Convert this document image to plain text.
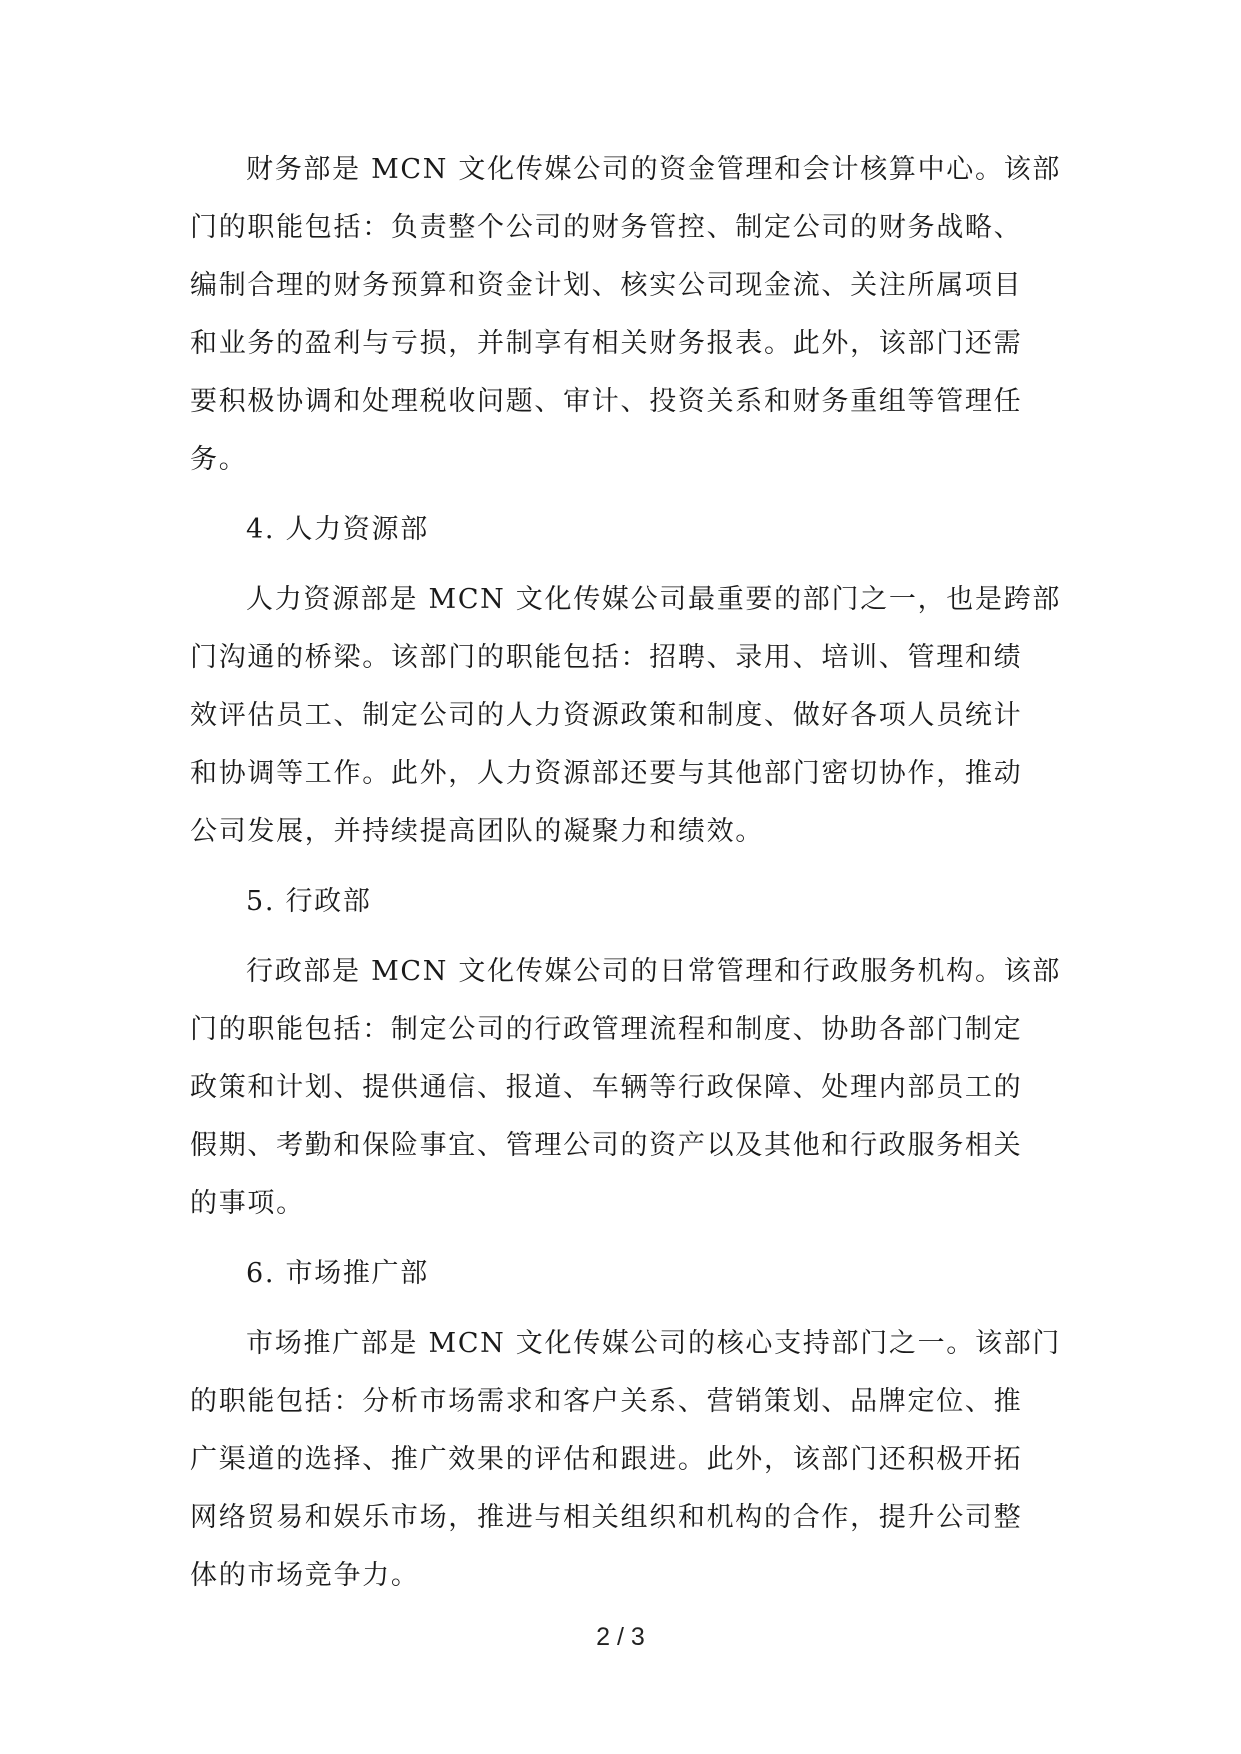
财务部是 MCN 文化传媒公司的资金管理和会计核算中心。该部
门的职能包括：负责整个公司的财务管控、制定公司的财务战略、
编制合理的财务预算和资金计划、核实公司现金流、关注所属项目
和业务的盈利与亏损，并制享有相关财务报表。此外，该部门还需
要积极协调和处理税收问题、审计、投资关系和财务重组等管理任
务。
4. 人力资源部
人力资源部是 MCN 文化传媒公司最重要的部门之一，也是跨部
门沟通的桥梁。该部门的职能包括：招聘、录用、培训、管理和绩
效评估员工、制定公司的人力资源政策和制度、做好各项人员统计
和协调等工作。此外，人力资源部还要与其他部门密切协作，推动
公司发展，并持续提高团队的凝聚力和绩效。
5. 行政部
行政部是 MCN 文化传媒公司的日常管理和行政服务机构。该部
门的职能包括：制定公司的行政管理流程和制度、协助各部门制定
政策和计划、提供通信、报道、车辆等行政保障、处理内部员工的
假期、考勤和保险事宜、管理公司的资产以及其他和行政服务相关
的事项。
6. 市场推广部
市场推广部是 MCN 文化传媒公司的核心支持部门之一。该部门
的职能包括：分析市场需求和客户关系、营销策划、品牌定位、推
广渠道的选择、推广效果的评估和跟进。此外，该部门还积极开拓
网络贸易和娱乐市场，推进与相关组织和机构的合作，提升公司整
体的市场竞争力。
2 / 3
